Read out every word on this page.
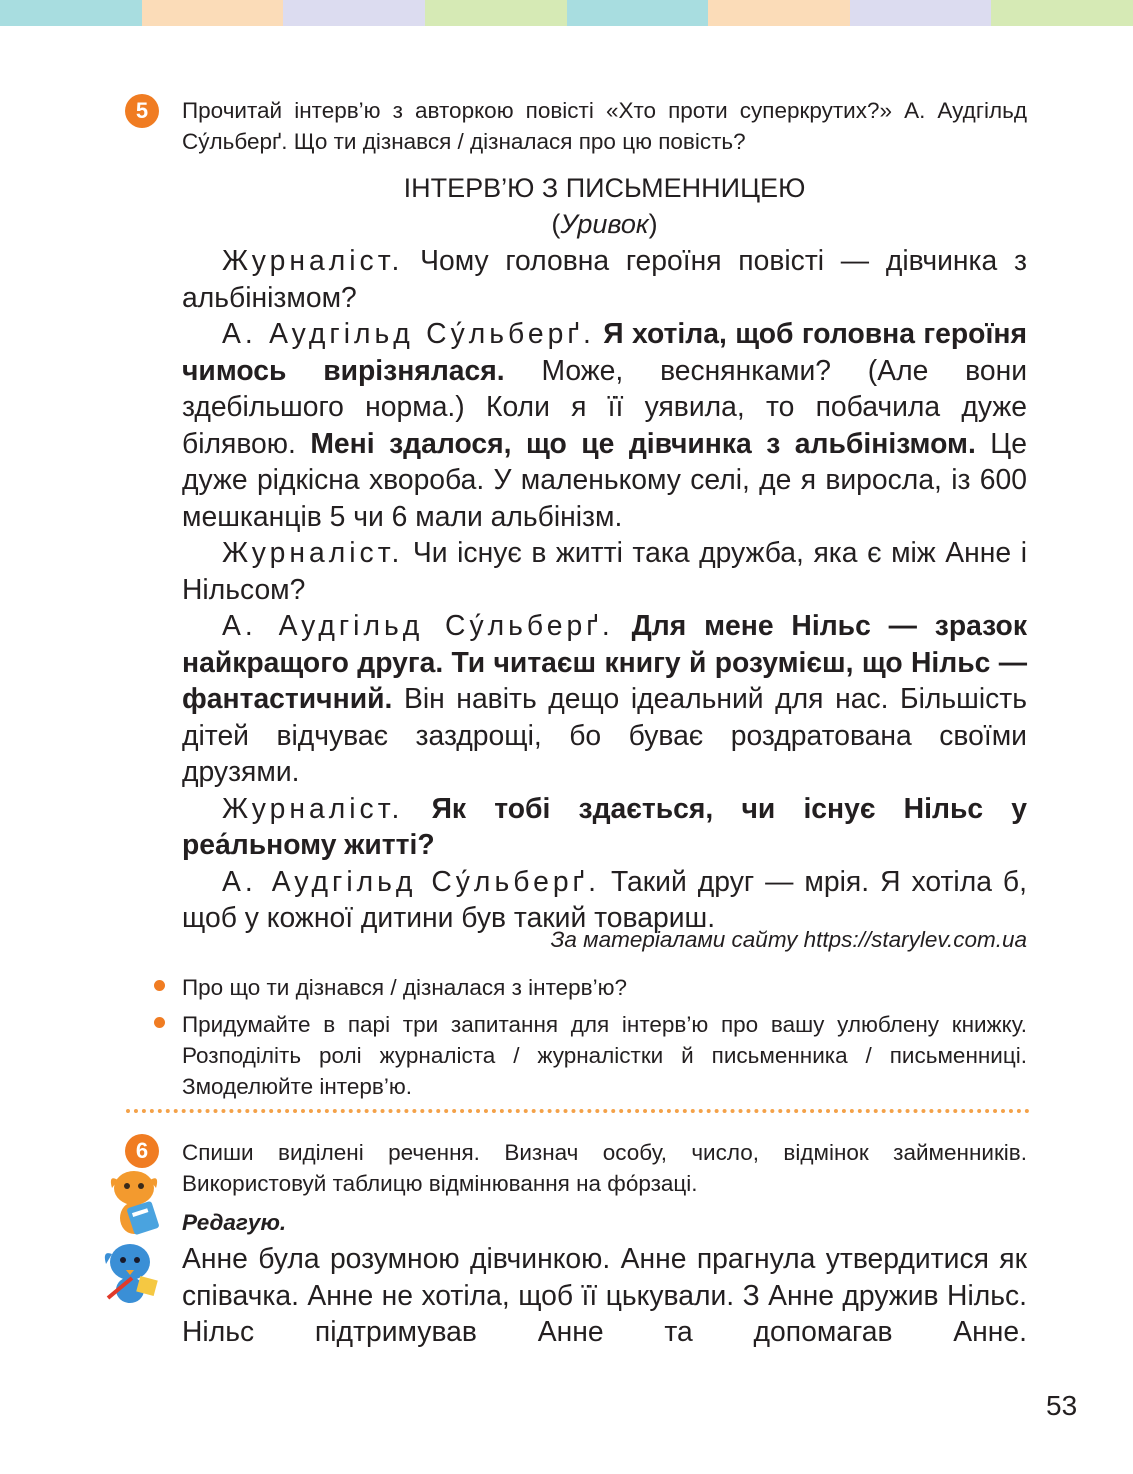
5	Прочитай інтерв’ю з авторкою повісті «Хто проти суперкрутих?» А. Аудгільд Су́льберґ. Що ти дізнався / дізналася про цю повість?
ІНТЕРВ’Ю З ПИСЬМЕННИЦЕЮ
(Уривок)

Журналіст. Чому головна героїня повісті — дівчинка з альбінізмом?

А. Аудгільд Су́льберґ. Я хотіла, щоб головна героїня чимось вирізнялася. Може, веснянками? (Але вони здебільшого норма.) Коли я її уявила, то побачила дуже білявою. Мені здалося, що це дівчинка з альбінізмом. Це дуже рідкісна хвороба. У маленькому селі, де я виросла, із 600 мешканців 5 чи 6 мали альбінізм.

Журналіст. Чи існує в житті така дружба, яка є між Анне і Нільсом?

А. Аудгільд Су́льберґ. Для мене Нільс — зразок найкращого друга. Ти читаєш книгу й розумієш, що Нільс — фантастичний. Він навіть дещо ідеальний для нас. Більшість дітей відчуває заздрощі, бо буває роздратована своїми друзями.

Журналіст. Як тобі здається, чи існує Нільс у реа́льному житті?

А. Аудгільд Су́льберґ. Такий друг — мрія. Я хотіла б, щоб у кожної дитини був такий товариш.

За матеріалами сайту https://starylev.com.ua
Про що ти дізнався / дізналася з інтерв’ю?
Придумайте в парі три запитання для інтерв’ю про вашу улюблену книжку. Розподіліть ролі журналіста / журналістки й письменника / письменниці. Змоделюйте інтерв’ю.
6	Спиши виділені речення. Визнач особу, число, відмінок займенників. Використовуй таблицю відмінювання на фо́рзаці.
Редагую.
Анне була розумною дівчинкою. Анне прагнула утвердитися як співачка. Анне не хотіла, щоб її цькували. З Анне дружив Нільс. Нільс підтримував Анне та допомагав Анне.
53
